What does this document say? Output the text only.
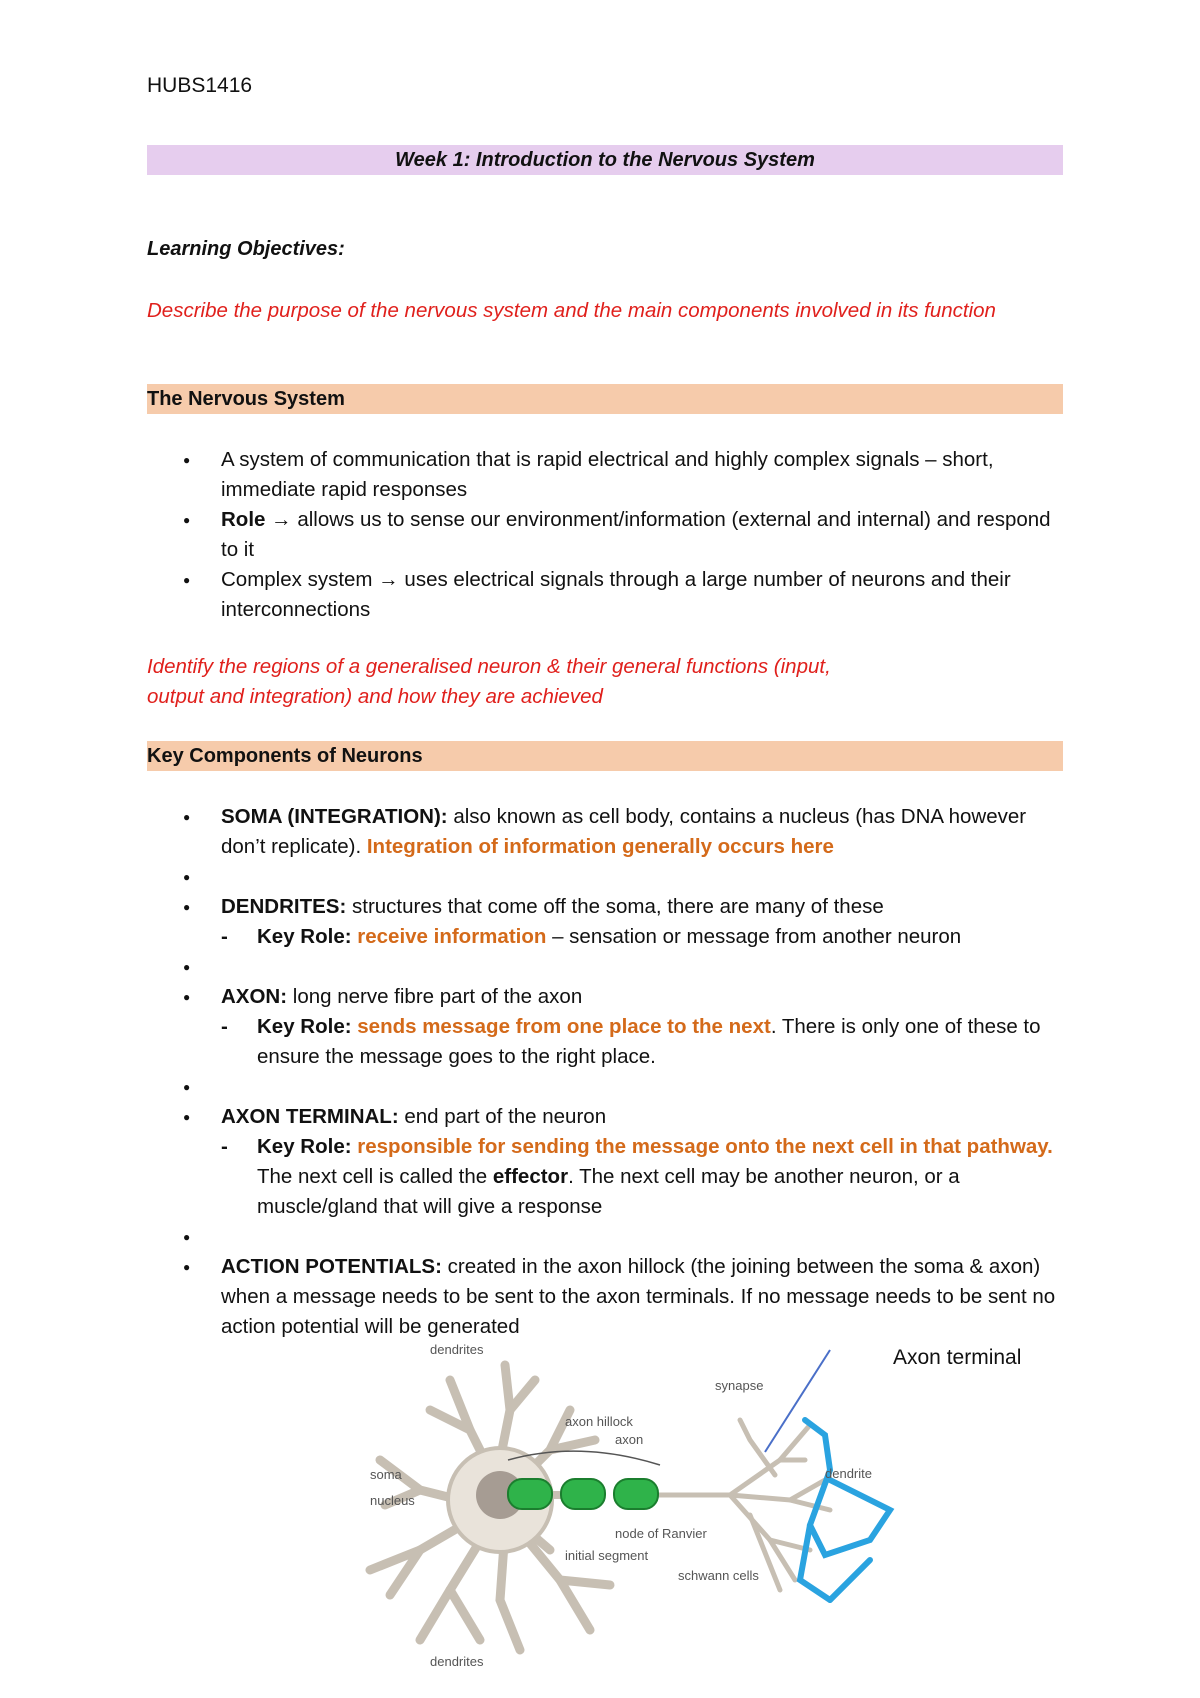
HUBS1416
Week 1: Introduction to the Nervous System
Learning Objectives:
Describe the purpose of the nervous system and the main components involved in its function
The Nervous System
● A system of communication that is rapid electrical and highly complex signals – short, immediate rapid responses
● Role → allows us to sense our environment/information (external and internal) and respond to it
● Complex system → uses electrical signals through a large number of neurons and their interconnections
Identify the regions of a generalised neuron & their general functions (input,
output and integration) and how they are achieved
Key Components of Neurons
● SOMA (INTEGRATION): also known as cell body, contains a nucleus (has DNA however don’t replicate). Integration of information generally occurs here
●
● DENDRITES: structures that come off the soma, there are many of these
- Key Role: receive information – sensation or message from another neuron
●
● AXON: long nerve fibre part of the axon
- Key Role: sends message from one place to the next. There is only one of these to ensure the message goes to the right place.
●
● AXON TERMINAL: end part of the neuron
- Key Role: responsible for sending the message onto the next cell in that pathway. The next cell is called the effector. The next cell may be another neuron, or a muscle/gland that will give a response
●
● ACTION POTENTIALS: created in the axon hillock (the joining between the soma & axon) when a message needs to be sent to the axon terminals. If no message needs to be sent no action potential will be generated
Axon terminal
dendrites
dendrites
soma
nucleus
axon hillock
axon
initial segment
node of Ranvier
schwann cells
synapse
dendrite
